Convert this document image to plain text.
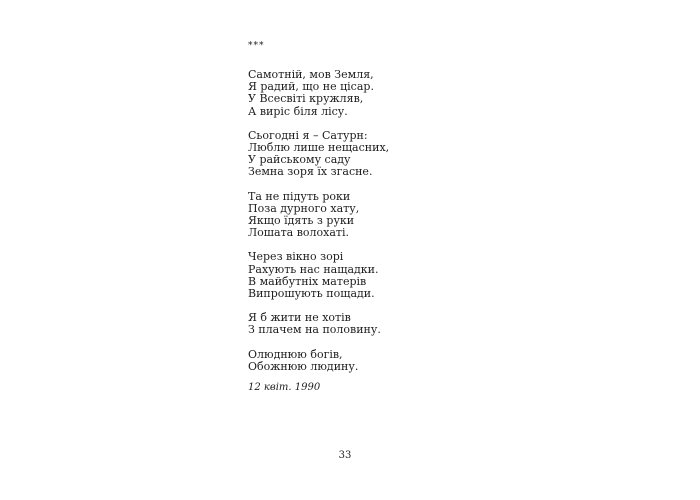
***
Самотній, мов Земля,
Я радий, що не цісар.
У Всесвіті кружляв,
А виріс біля лісу.
Сьогодні я – Сатурн:
Люблю лише нещасних,
У райському саду
Земна зоря їх згасне.
Та не підуть роки
Поза дурного хату,
Якщо їдять з руки
Лошата волохаті.
Через вікно зорі
Рахують нас нащадки.
В майбутніх матерів
Випрошують пощади.
Я б жити не хотів
З плачем на половину.
Олюднюю богів,
Обожнюю людину.
12 квіт. 1990
33
